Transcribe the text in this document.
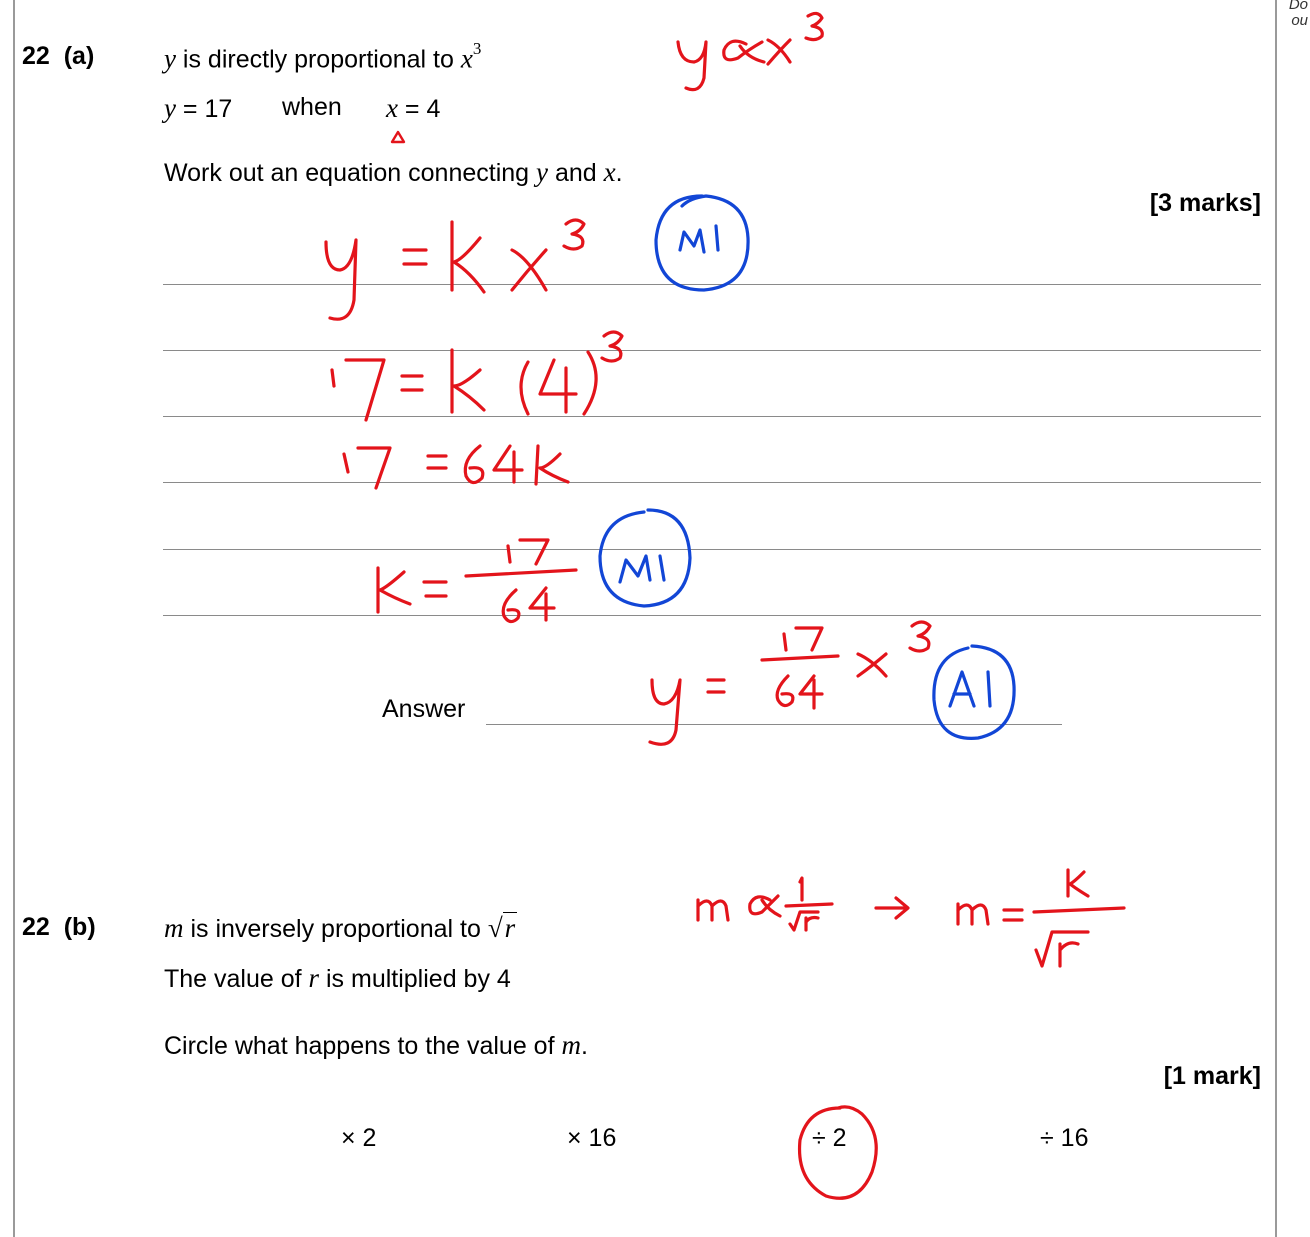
Do
ou
22 (a)	y is directly proportional to $x^3$
y = 17 when x = 4
Work out an equation connecting y and x.
[3 marks]
Answer
22 (b)	m is inversely proportional to √r
The value of r is multiplied by 4
Circle what happens to the value of m.
[1 mark]
× 2	× 16	÷ 2	÷ 16
